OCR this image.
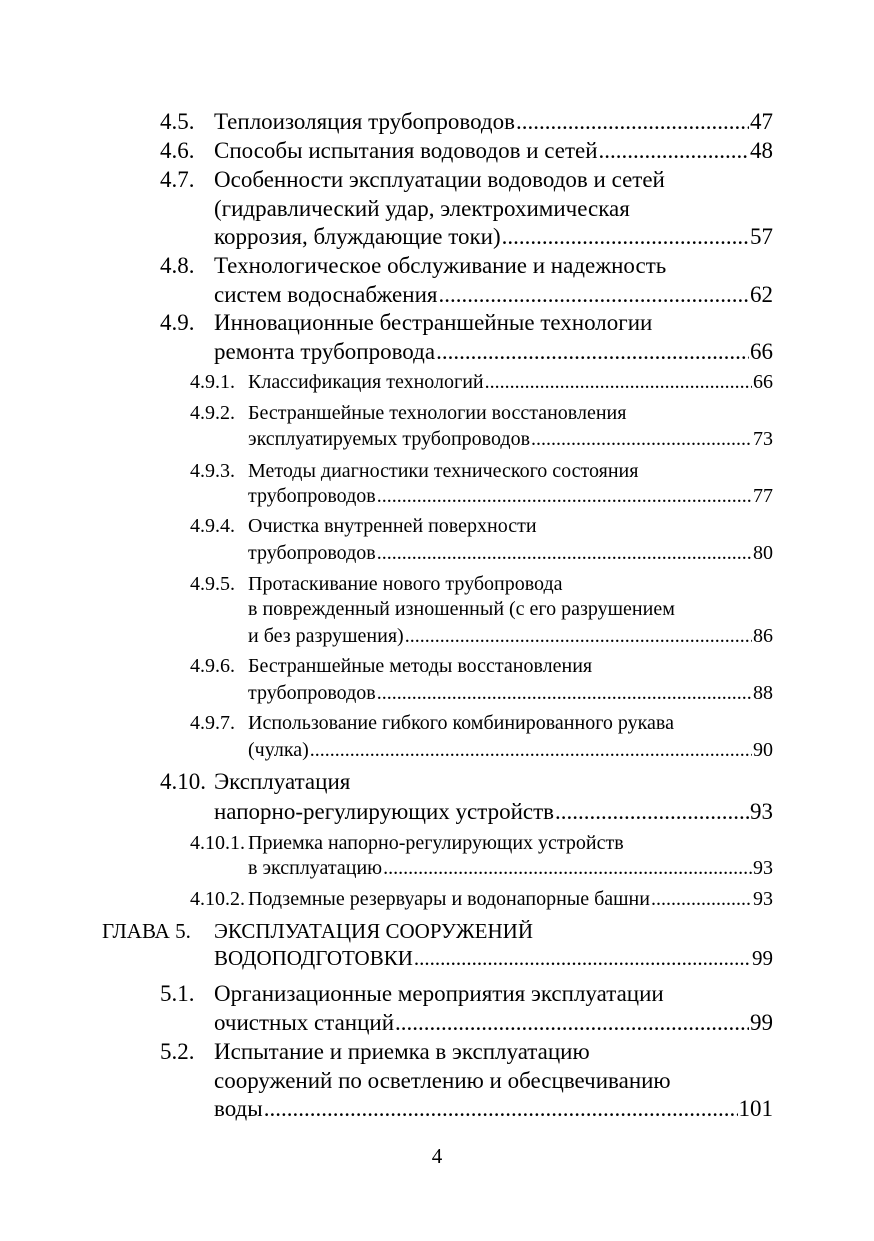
4.5. Теплоизоляция трубопроводов .....	47
4.6. Способы испытания водоводов и сетей .....	48
4.7. Особенности эксплуатации водоводов и сетей
(гидравлический удар, электрохимическая
коррозия, блуждающие токи) .....	57
4.8. Технологическое обслуживание и надежность
систем водоснабжения .....	62
4.9. Инновационные бестраншейные технологии
ремонта трубопровода .....	66
4.9.1. Классификация технологий .....	66
4.9.2. Бестраншейные технологии восстановления
эксплуатируемых трубопроводов .....	73
4.9.3. Методы диагностики технического состояния
трубопроводов .....	77
4.9.4. Очистка внутренней поверхности
трубопроводов .....	80
4.9.5. Протаскивание нового трубопровода
в поврежденный изношенный (с его разрушением
и без разрушения) .....	86
4.9.6. Бестраншейные методы восстановления
трубопроводов .....	88
4.9.7. Использование гибкого комбинированного рукава
(чулка) .....	90
4.10. Эксплуатация
напорно-регулирующих устройств .....	93
4.10.1. Приемка напорно-регулирующих устройств
в эксплуатацию .....	93
4.10.2. Подземные резервуары и водонапорные башни .....	93
ГЛАВА 5. ЭКСПЛУАТАЦИЯ СООРУЖЕНИЙ
ВОДОПОДГОТОВКИ .....	99
5.1. Организационные мероприятия эксплуатации
очистных станций .....	99
5.2. Испытание и приемка в эксплуатацию
сооружений по осветлению и обесцвечиванию
воды .....	101
4
